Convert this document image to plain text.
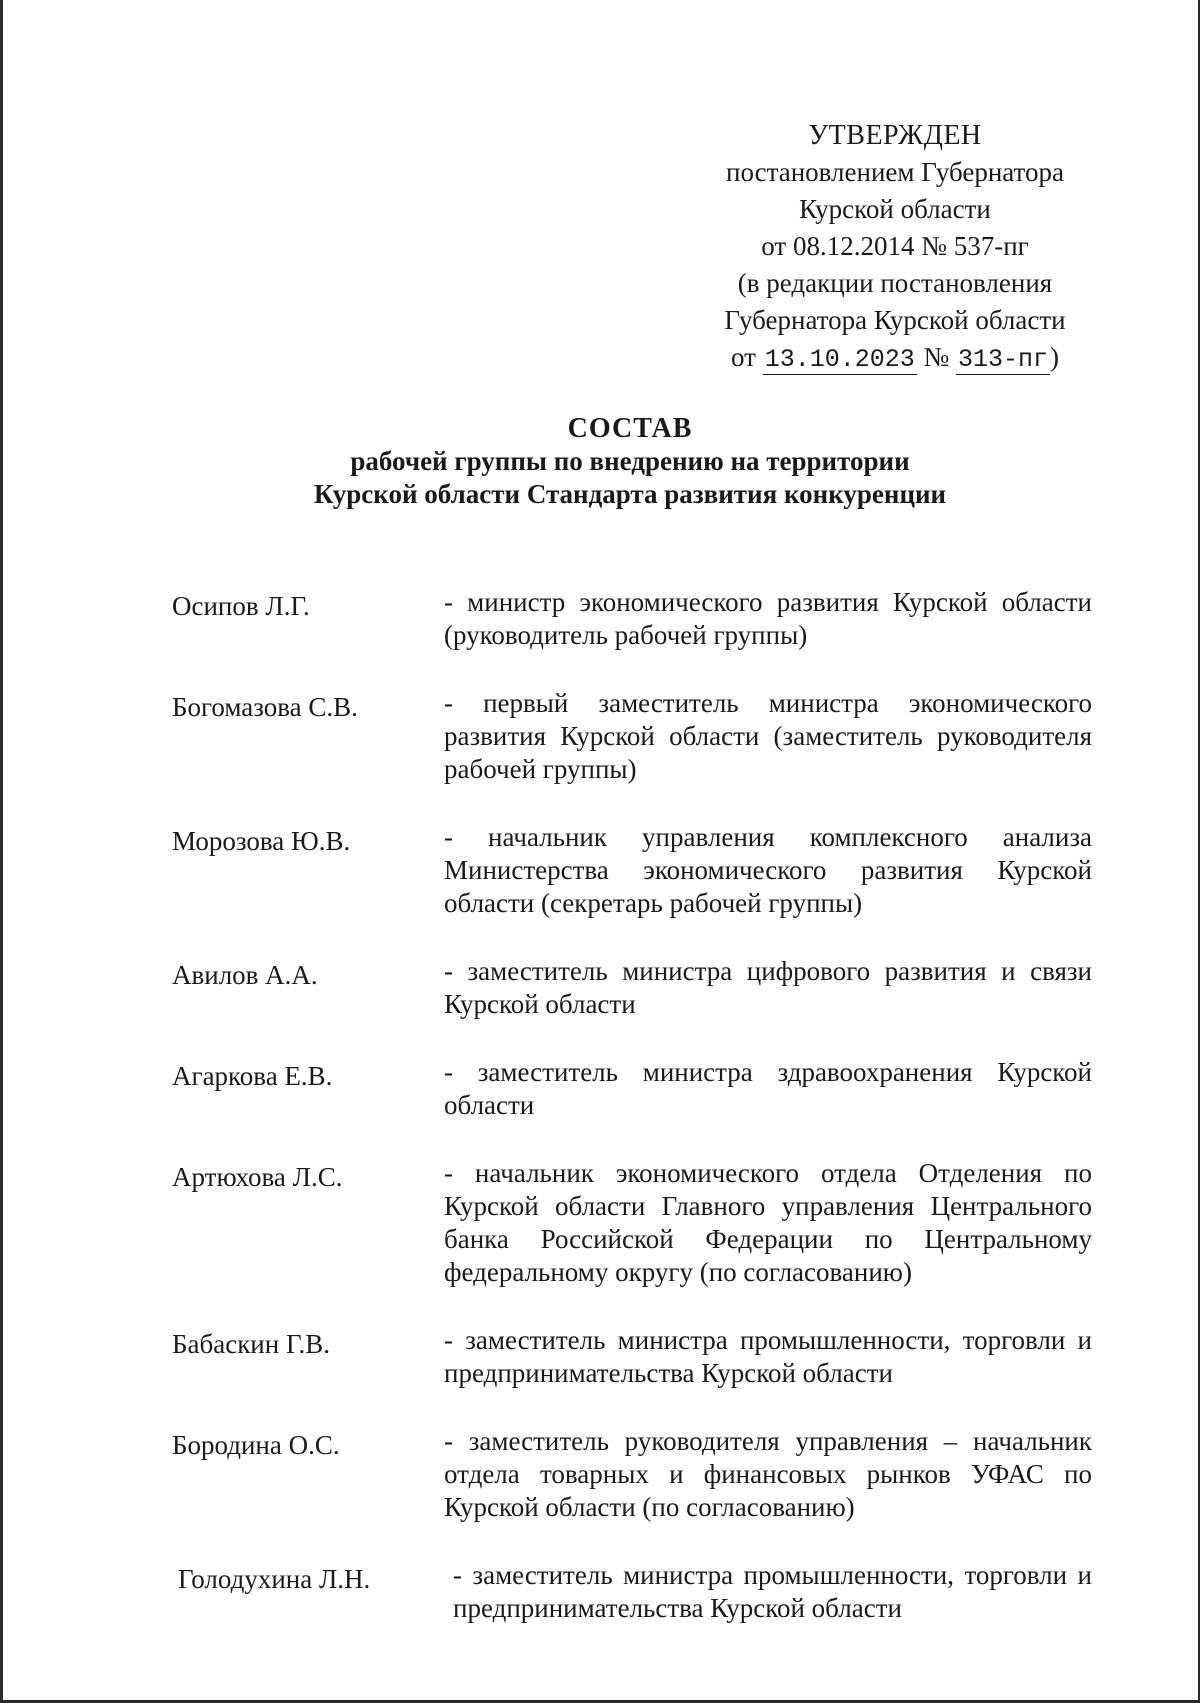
УТВЕРЖДЕН
постановлением Губернатора
Курской области
от 08.12.2014 № 537-пг
(в редакции постановления
Губернатора Курской области
от 13.10.2023 № 313-пг)
СОСТАВ
рабочей группы по внедрению на территории
Курской области Стандарта развития конкуренции
Осипов Л.Г.	- министр экономического развития Курской области (руководитель рабочей группы)
Богомазова С.В.	- первый заместитель министра экономического развития Курской области (заместитель руководителя рабочей группы)
Морозова Ю.В.	- начальник управления комплексного анализа Министерства экономического развития Курской области (секретарь рабочей группы)
Авилов А.А.	- заместитель министра цифрового развития и связи Курской области
Агаркова Е.В.	- заместитель министра здравоохранения Курской области
Артюхова Л.С.	- начальник экономического отдела Отделения по Курской области Главного управления Центрального банка Российской Федерации по Центральному федеральному округу (по согласованию)
Бабаскин Г.В.	- заместитель министра промышленности, торговли и предпринимательства Курской области
Бородина О.С.	- заместитель руководителя управления – начальник отдела товарных и финансовых рынков УФАС по Курской области (по согласованию)
Голодухина Л.Н.	- заместитель министра промышленности, торговли и предпринимательства Курской области
